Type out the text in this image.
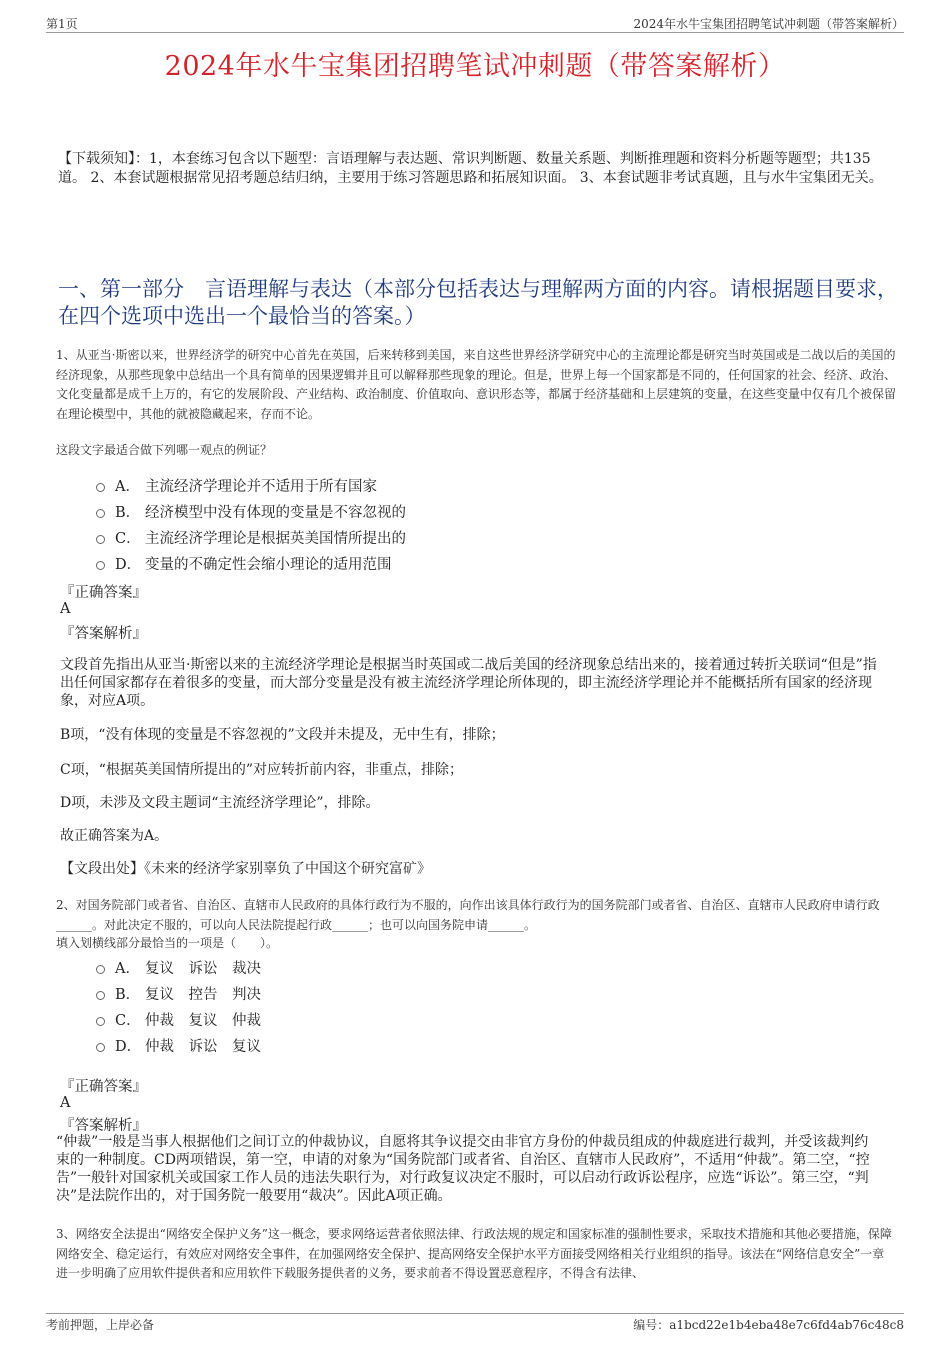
第1页	2024年水牛宝集团招聘笔试冲刺题（带答案解析）
2024年水牛宝集团招聘笔试冲刺题（带答案解析）
【下载须知】：1，本套练习包含以下题型：言语理解与表达题、常识判断题、数量关系题、判断推理题和资料分析题等题型；共135道。 2、本套试题根据常见招考题总结归纳，主要用于练习答题思路和拓展知识面。 3、本套试题非考试真题，且与水牛宝集团无关。
一、第一部分　言语理解与表达（本部分包括表达与理解两方面的内容。请根据题目要求，在四个选项中选出一个最恰当的答案。）
1、从亚当·斯密以来，世界经济学的研究中心首先在英国，后来转移到美国，来自这些世界经济学研究中心的主流理论都是研究当时英国或是二战以后的美国的经济现象，从那些现象中总结出一个具有简单的因果逻辑并且可以解释那些现象的理论。但是，世界上每一个国家都是不同的，任何国家的社会、经济、政治、文化变量都是成千上万的，有它的发展阶段、产业结构、政治制度、价值取向、意识形态等，都属于经济基础和上层建筑的变量，在这些变量中仅有几个被保留在理论模型中，其他的就被隐藏起来，存而不论。
这段文字最适合做下列哪一观点的例证？
A． 主流经济学理论并不适用于所有国家
B． 经济模型中没有体现的变量是不容忽视的
C． 主流经济学理论是根据英美国情所提出的
D． 变量的不确定性会缩小理论的适用范围
『正确答案』
A
『答案解析』
文段首先指出从亚当·斯密以来的主流经济学理论是根据当时英国或二战后美国的经济现象总结出来的，接着通过转折关联词“但是”指出任何国家都存在着很多的变量，而大部分变量是没有被主流经济学理论所体现的，即主流经济学理论并不能概括所有国家的经济现象，对应A项。
B项，“没有体现的变量是不容忽视的”文段并未提及，无中生有，排除；
C项，“根据英美国情所提出的”对应转折前内容，非重点，排除；
D项，未涉及文段主题词“主流经济学理论”，排除。
故正确答案为A。
【文段出处】《未来的经济学家别辜负了中国这个研究富矿》
2、对国务院部门或者省、自治区、直辖市人民政府的具体行政行为不服的，向作出该具体行政行为的国务院部门或者省、自治区、直辖市人民政府申请行政______。对此决定不服的，可以向人民法院提起行政______；也可以向国务院申请______。
填入划横线部分最恰当的一项是（　　）。
A． 复议　诉讼　裁决
B． 复议　控告　判决
C． 仲裁　复议　仲裁
D． 仲裁　诉讼　复议
『正确答案』
A
『答案解析』
“仲裁”一般是当事人根据他们之间订立的仲裁协议，自愿将其争议提交由非官方身份的仲裁员组成的仲裁庭进行裁判，并受该裁判约束的一种制度。CD两项错误，第一空，申请的对象为“国务院部门或者省、自治区、直辖市人民政府”，不适用“仲裁”。第二空，“控告”一般针对国家机关或国家工作人员的违法失职行为，对行政复议决定不服时，可以启动行政诉讼程序，应选“诉讼”。第三空，“判决”是法院作出的，对于国务院一般要用“裁决”。因此A项正确。
3、网络安全法提出“网络安全保护义务”这一概念，要求网络运营者依照法律、行政法规的规定和国家标准的强制性要求，采取技术措施和其他必要措施，保障网络安全、稳定运行，有效应对网络安全事件，在加强网络安全保护、提高网络安全保护水平方面接受网络相关行业组织的指导。该法在“网络信息安全”一章进一步明确了应用软件提供者和应用软件下载服务提供者的义务，要求前者不得设置恶意程序，不得含有法律、
考前押题，上岸必备	编号：a1bcd22e1b4eba48e7c6fd4ab76c48c8
